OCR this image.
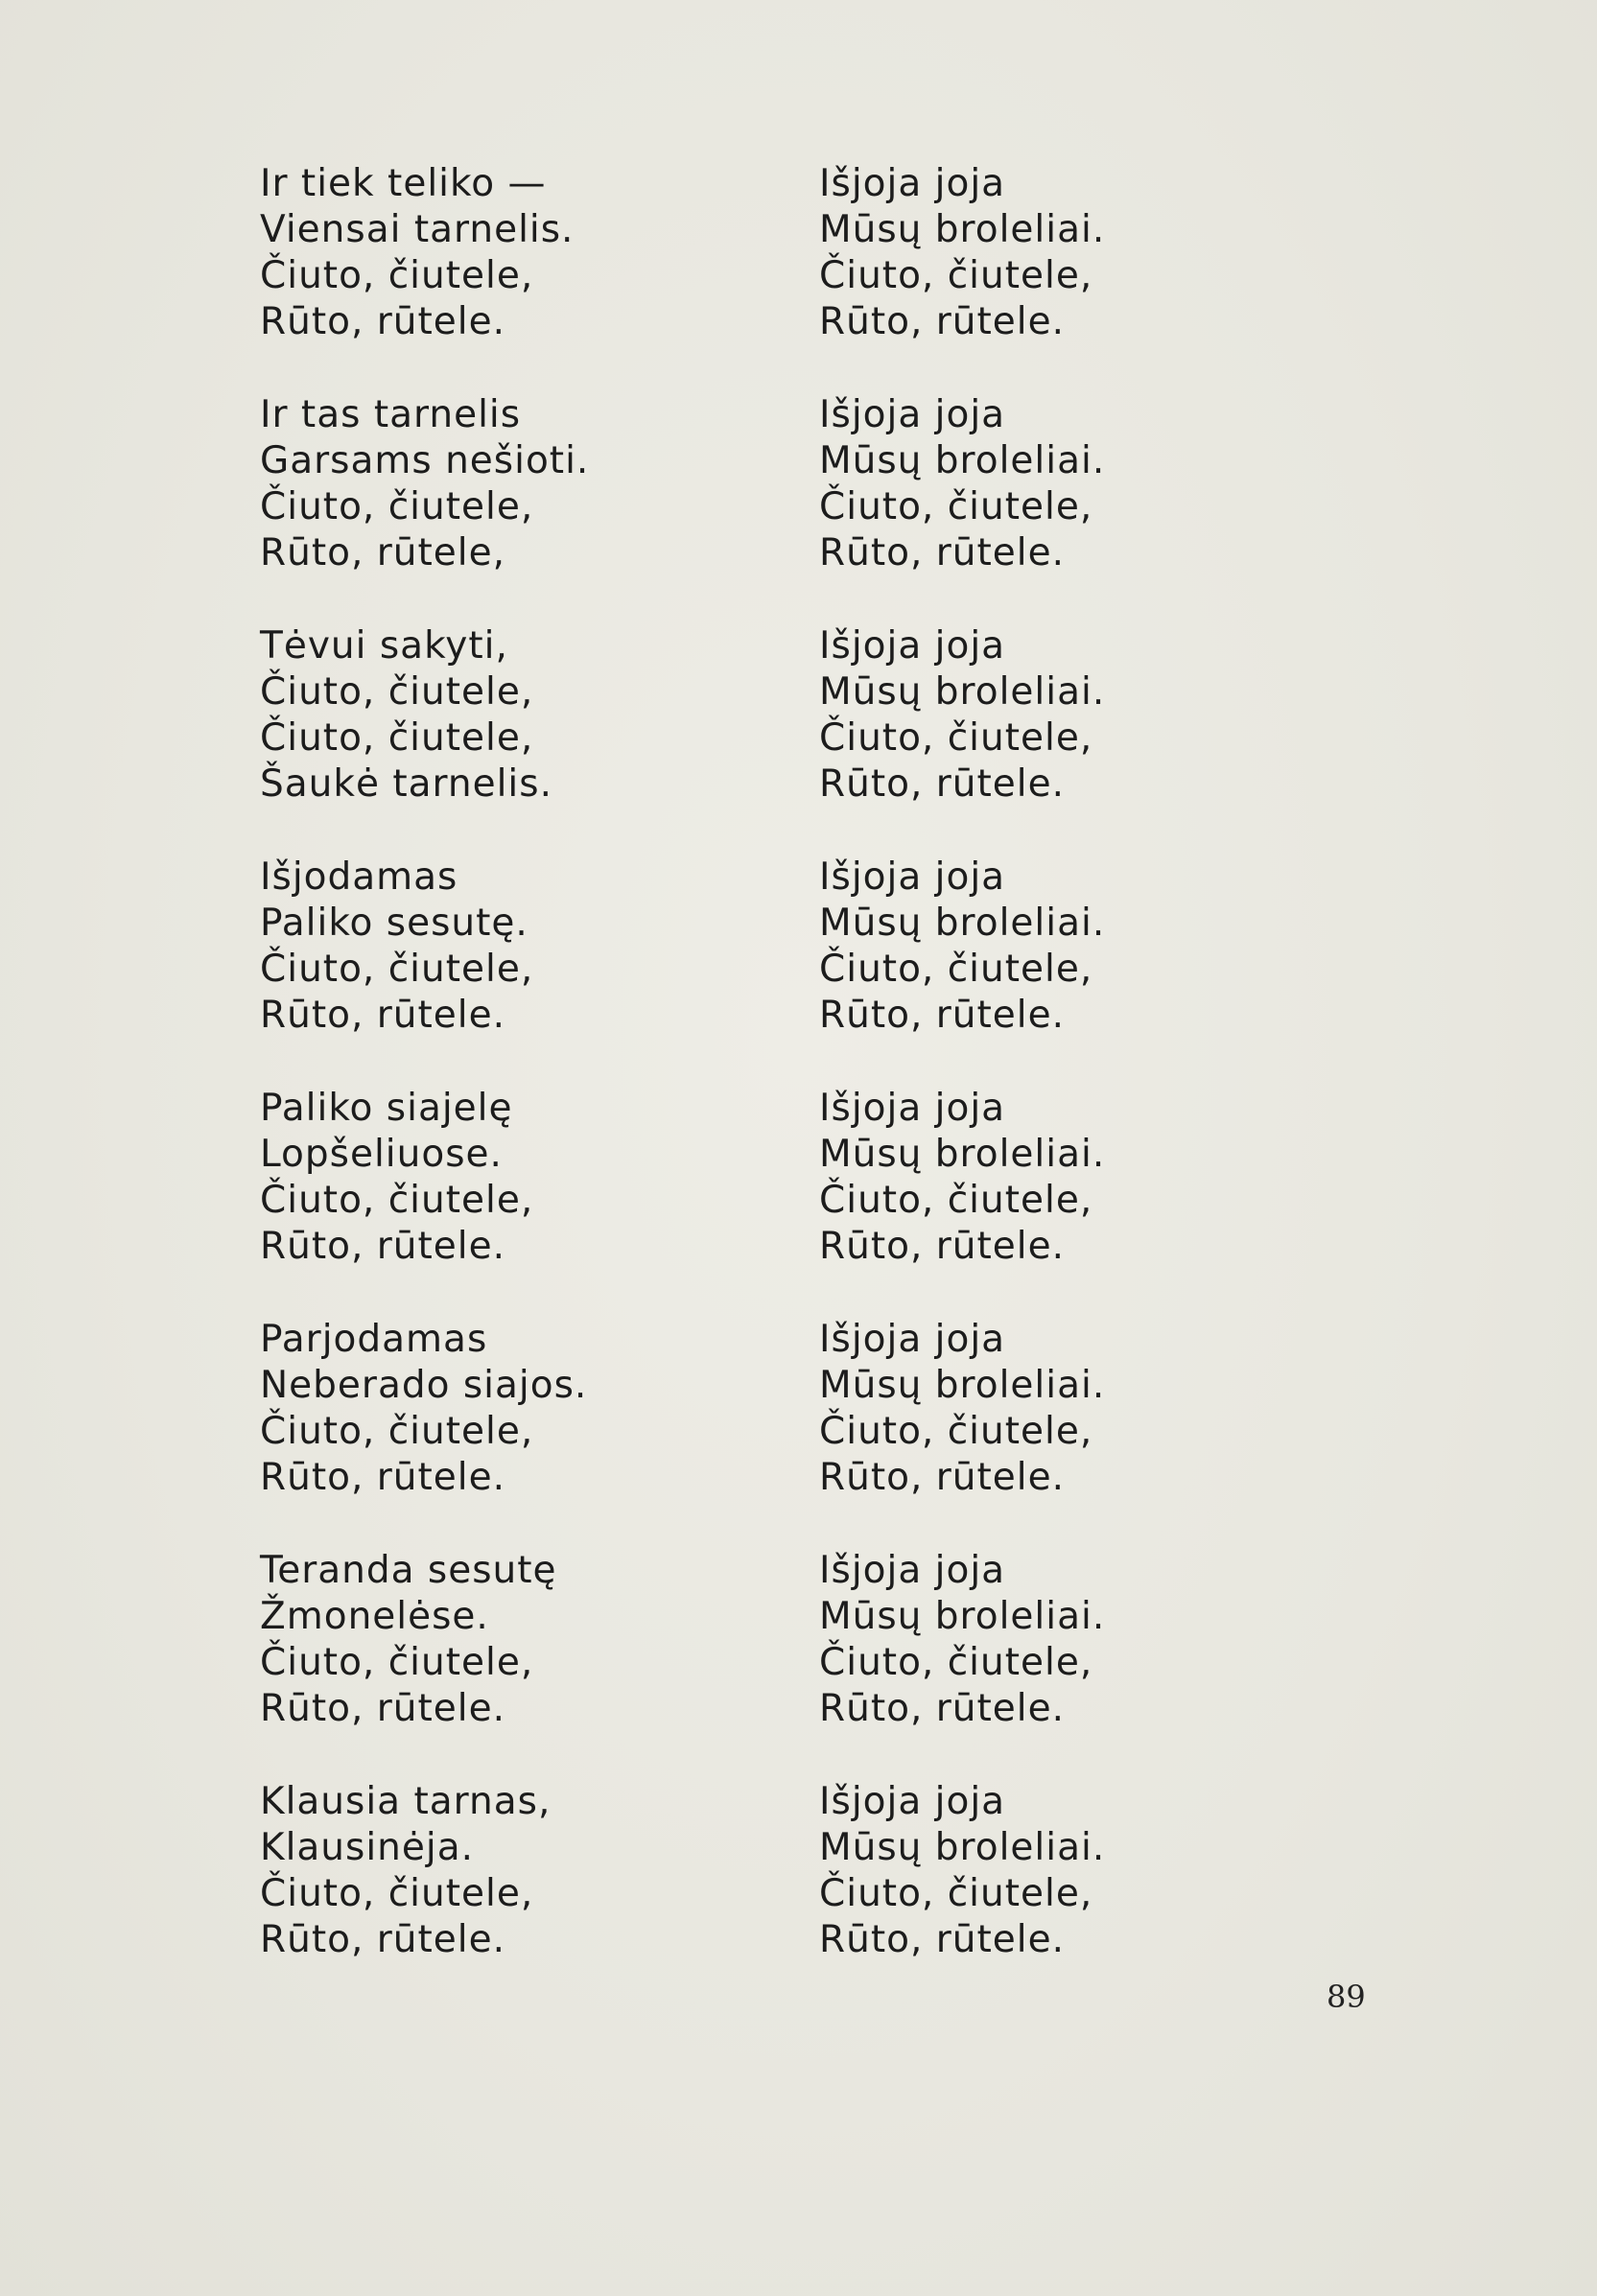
Ir tiek teliko —
Viensai tarnelis.
Čiuto, čiutele,
Rūto, rūtele.
Ir tas tarnelis
Garsams nešioti.
Čiuto, čiutele,
Rūto, rūtele,
Tėvui sakyti,
Čiuto, čiutele,
Čiuto, čiutele,
Šaukė tarnelis.
Išjodamas
Paliko sesutę.
Čiuto, čiutele,
Rūto, rūtele.
Paliko siajelę
Lopšeliuose.
Čiuto, čiutele,
Rūto, rūtele.
Parjodamas
Neberado siajos.
Čiuto, čiutele,
Rūto, rūtele.
Teranda sesutę
Žmonelėse.
Čiuto, čiutele,
Rūto, rūtele.
Klausia tarnas,
Klausinėja.
Čiuto, čiutele,
Rūto, rūtele.
Išjoja joja
Mūsų broleliai.
Čiuto, čiutele,
Rūto, rūtele.
Išjoja joja
Mūsų broleliai.
Čiuto, čiutele,
Rūto, rūtele.
Išjoja joja
Mūsų broleliai.
Čiuto, čiutele,
Rūto, rūtele.
Išjoja joja
Mūsų broleliai.
Čiuto, čiutele,
Rūto, rūtele.
Išjoja joja
Mūsų broleliai.
Čiuto, čiutele,
Rūto, rūtele.
Išjoja joja
Mūsų broleliai.
Čiuto, čiutele,
Rūto, rūtele.
Išjoja joja
Mūsų broleliai.
Čiuto, čiutele,
Rūto, rūtele.
Išjoja joja
Mūsų broleliai.
Čiuto, čiutele,
Rūto, rūtele.
89
